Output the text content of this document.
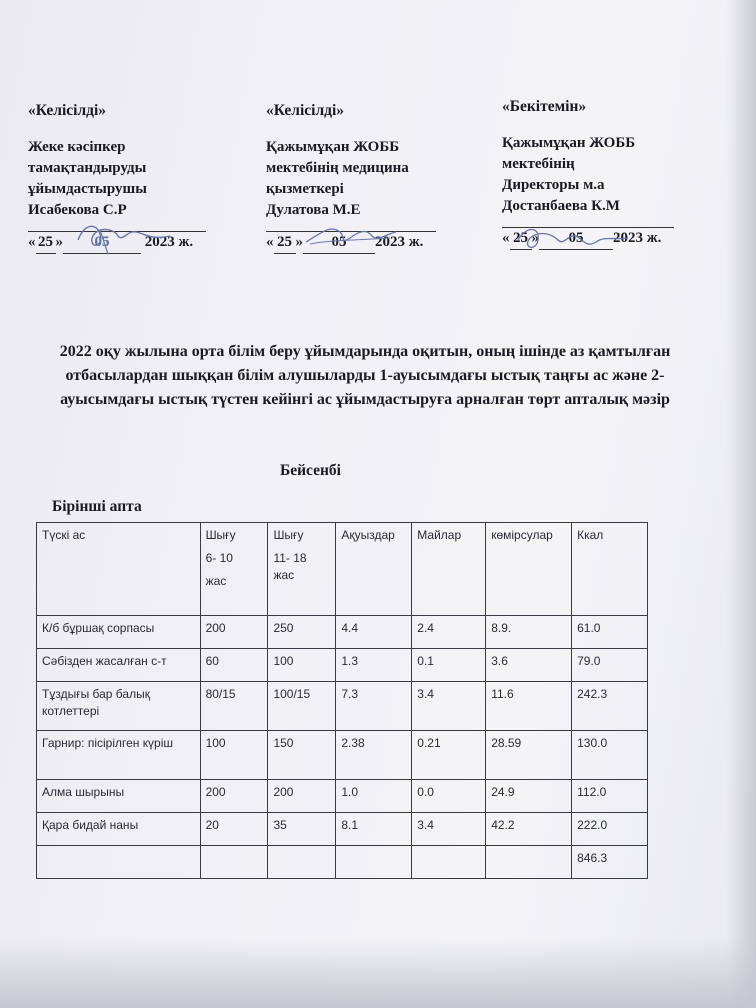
«Келісілді»
Жеке кәсіпкер
тамақтандыруды
ұйымдастырушы
Исабекова С.Р
« 25 » 05 2023 ж.
«Келісілді»
Қажымұқан ЖОББ
мектебінің медицина
қызметкері
Дулатова М.Е
« 25 » 05 2023 ж.
«Бекітемін»
Қажымұқан ЖОББ
мектебінің
Директоры м.а
Достанбаева К.М
« 25 » 05 2023 ж.
2022 оқу жылына орта білім беру ұйымдарында оқитын, оның ішінде аз қамтылған отбасылардан шыққан білім алушыларды 1-ауысымдағы ыстық таңғы ас және 2-ауысымдағы ыстық түстен кейінгі ас ұйымдастыруға арналған төрт апталық мәзір
Бейсенбі
Бірінші апта
Түскі ас	Шығу
6- 10
жас	Шығу
11- 18
жас	Ақуыздар	Майлар	көмірсулар	Ккал
К/б бұршақ сорпасы	200	250	4.4	2.4	8.9.	61.0
Сәбізден жасалған с-т	60	100	1.3	0.1	3.6	79.0
Тұздығы бар балық котлеттері	80/15	100/15	7.3	3.4	11.6	242.3
Гарнир: пісірілген күріш	100	150	2.38	0.21	28.59	130.0
Алма шырыны	200	200	1.0	0.0	24.9	112.0
Қара бидай наны	20	35	8.1	3.4	42.2	222.0
						846.3
